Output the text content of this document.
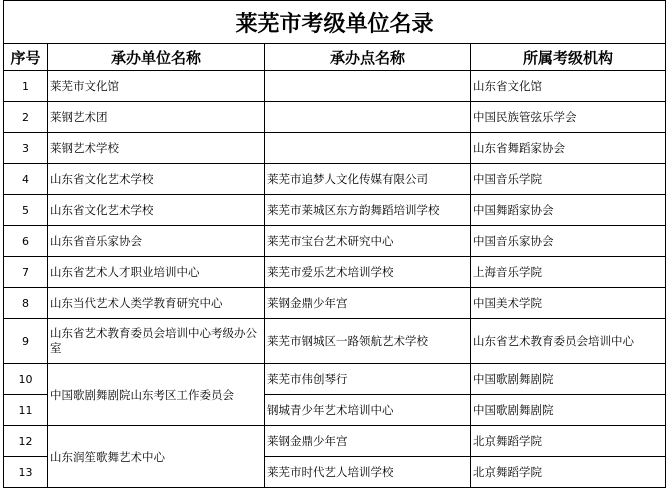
莱芜市考级单位名录			
序号	承办单位名称	承办点名称	所属考级机构
1	莱芜市文化馆		山东省文化馆
2	莱钢艺术团		中国民族管弦乐学会
3	莱钢艺术学校		山东省舞蹈家协会
4	山东省文化艺术学校	莱芜市追梦人文化传媒有限公司	中国音乐学院
5	山东省文化艺术学校	莱芜市莱城区东方韵舞蹈培训学校	中国舞蹈家协会
6	山东省音乐家协会	莱芜市宝台艺术研究中心	中国音乐家协会
7	山东省艺术人才职业培训中心	莱芜市爱乐艺术培训学校	上海音乐学院
8	山东当代艺术人类学教育研究中心	莱钢金鼎少年宫	中国美术学院
9	山东省艺术教育委员会培训中心考级办公室	莱芜市钢城区一路领航艺术学校	山东省艺术教育委员会培训中心
10	中国歌剧舞剧院山东考区工作委员会	莱芜市伟创琴行	中国歌剧舞剧院
11		钢城青少年艺术培训中心	中国歌剧舞剧院
12	山东润笙歌舞艺术中心	莱钢金鼎少年宫	北京舞蹈学院
13		莱芜市时代艺人培训学校	北京舞蹈学院
